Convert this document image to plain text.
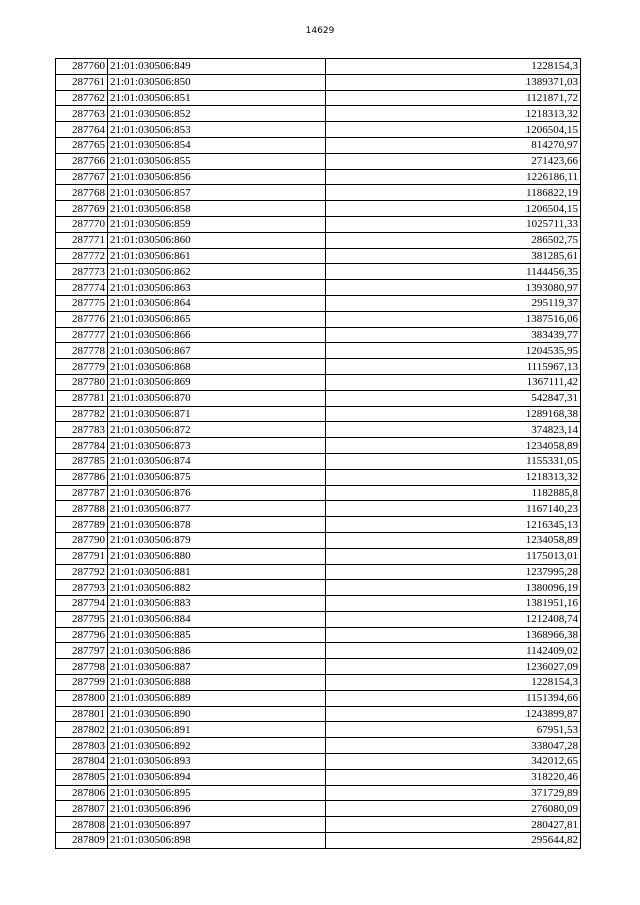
14629
287760	21:01:030506:849	1228154,3
287761	21:01:030506:850	1389371,03
287762	21:01:030506:851	1121871,72
287763	21:01:030506:852	1218313,32
287764	21:01:030506:853	1206504,15
287765	21:01:030506:854	814270,97
287766	21:01:030506:855	271423,66
287767	21:01:030506:856	1226186,11
287768	21:01:030506:857	1186822,19
287769	21:01:030506:858	1206504,15
287770	21:01:030506:859	1025711,33
287771	21:01:030506:860	286502,75
287772	21:01:030506:861	381285,61
287773	21:01:030506:862	1144456,35
287774	21:01:030506:863	1393080,97
287775	21:01:030506:864	295119,37
287776	21:01:030506:865	1387516,06
287777	21:01:030506:866	383439,77
287778	21:01:030506:867	1204535,95
287779	21:01:030506:868	1115967,13
287780	21:01:030506:869	1367111,42
287781	21:01:030506:870	542847,31
287782	21:01:030506:871	1289168,38
287783	21:01:030506:872	374823,14
287784	21:01:030506:873	1234058,89
287785	21:01:030506:874	1155331,05
287786	21:01:030506:875	1218313,32
287787	21:01:030506:876	1182885,8
287788	21:01:030506:877	1167140,23
287789	21:01:030506:878	1216345,13
287790	21:01:030506:879	1234058,89
287791	21:01:030506:880	1175013,01
287792	21:01:030506:881	1237995,28
287793	21:01:030506:882	1380096,19
287794	21:01:030506:883	1381951,16
287795	21:01:030506:884	1212408,74
287796	21:01:030506:885	1368966,38
287797	21:01:030506:886	1142409,02
287798	21:01:030506:887	1236027,09
287799	21:01:030506:888	1228154,3
287800	21:01:030506:889	1151394,66
287801	21:01:030506:890	1243899,87
287802	21:01:030506:891	67951,53
287803	21:01:030506:892	338047,28
287804	21:01:030506:893	342012,65
287805	21:01:030506:894	318220,46
287806	21:01:030506:895	371729,89
287807	21:01:030506:896	276080,09
287808	21:01:030506:897	280427,81
287809	21:01:030506:898	295644,82
